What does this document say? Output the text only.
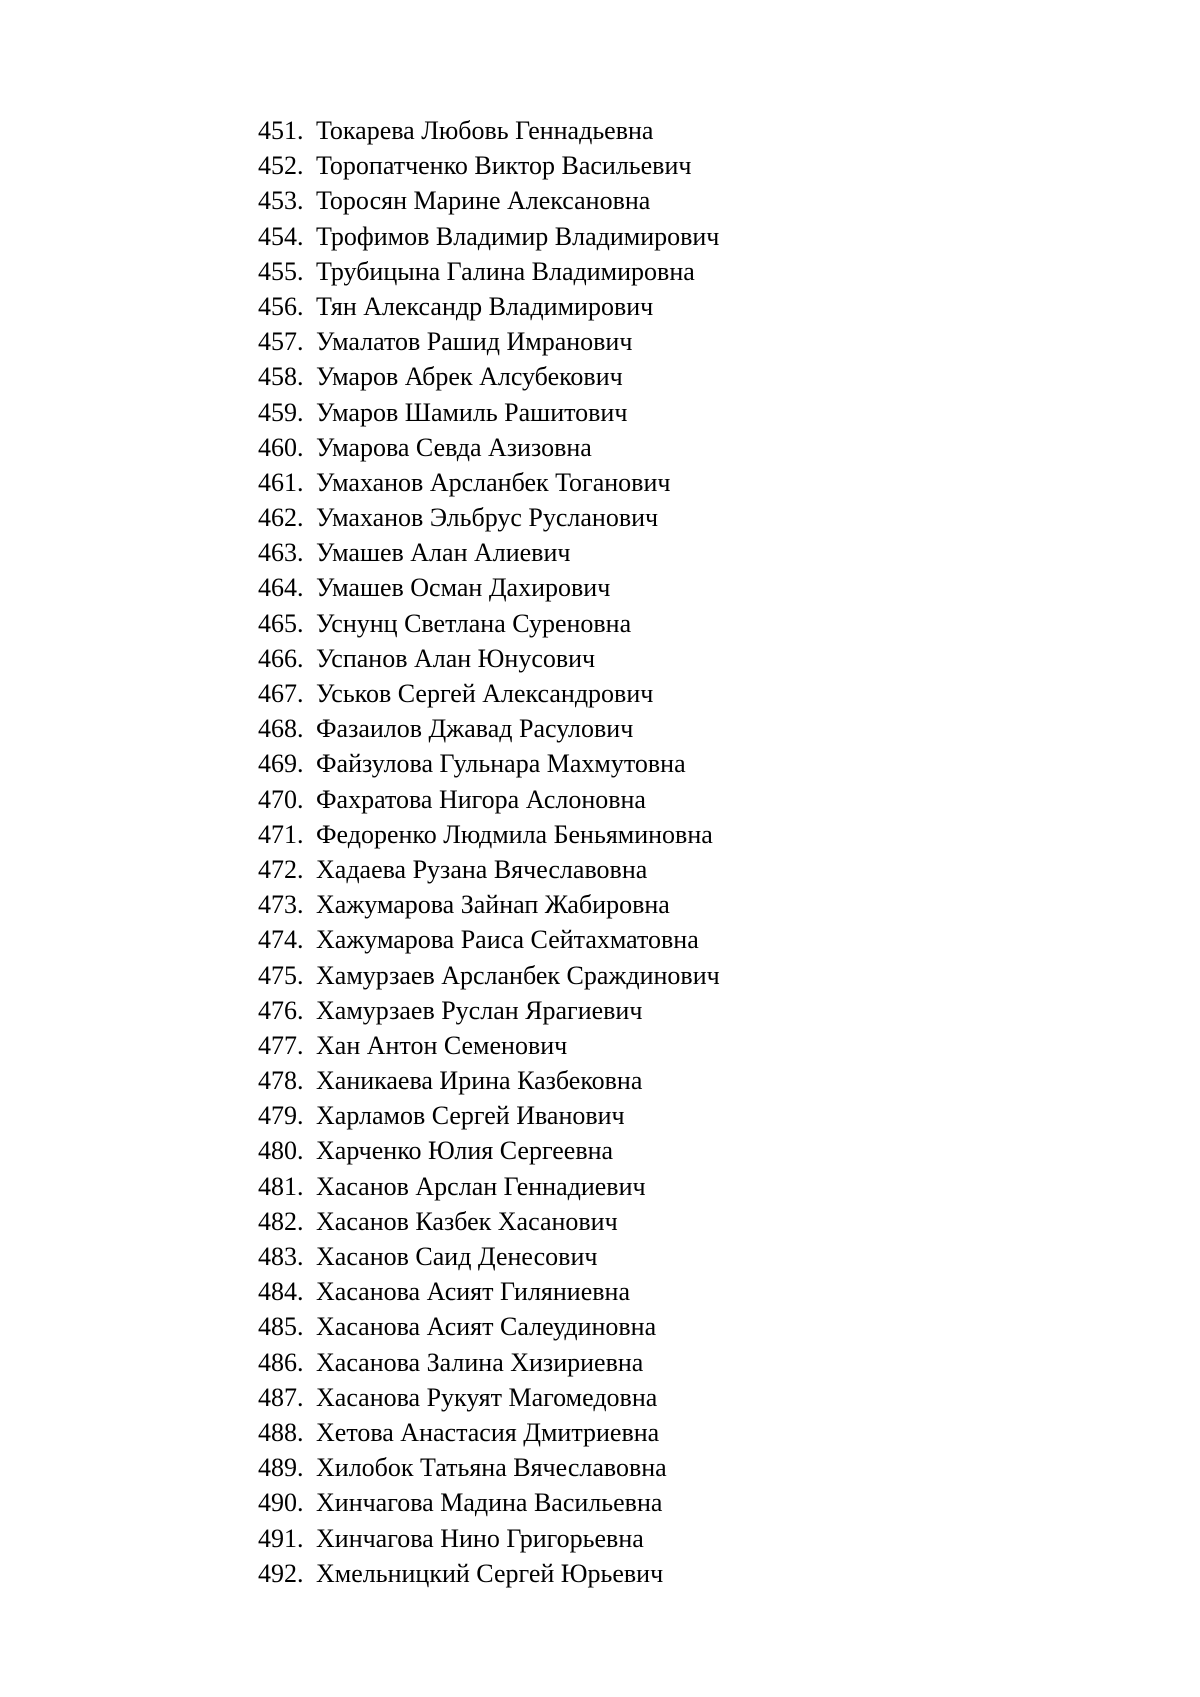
451. Токарева Любовь Геннадьевна
452. Торопатченко Виктор Васильевич
453. Торосян Марине Алексановна
454. Трофимов Владимир Владимирович
455. Трубицына Галина Владимировна
456. Тян Александр Владимирович
457. Умалатов Рашид Имранович
458. Умаров Абрек Алсубекович
459. Умаров Шамиль Рашитович
460. Умарова Севда Азизовна
461. Умаханов Арсланбек Тоганович
462. Умаханов Эльбрус Русланович
463. Умашев Алан Алиевич
464. Умашев Осман Дахирович
465. Уснунц Светлана Суреновна
466. Успанов Алан Юнусович
467. Уськов Сергей Александрович
468. Фазаилов Джавад Расулович
469. Файзулова Гульнара Махмутовна
470. Фахратова Нигора Аслоновна
471. Федоренко Людмила Беньяминовна
472. Хадаева Рузана Вячеславовна
473. Хажумарова Зайнап Жабировна
474. Хажумарова Раиса Сейтахматовна
475. Хамурзаев Арсланбек Сраждинович
476. Хамурзаев Руслан Ярагиевич
477. Хан Антон Семенович
478. Ханикаева Ирина Казбековна
479. Харламов Сергей Иванович
480. Харченко Юлия Сергеевна
481. Хасанов Арслан Геннадиевич
482. Хасанов Казбек Хасанович
483. Хасанов Саид Денесович
484. Хасанова Асият Гиляниевна
485. Хасанова Асият Салеудиновна
486. Хасанова Залина Хизириевна
487. Хасанова Рукуят Магомедовна
488. Хетова Анастасия Дмитриевна
489. Хилобок Татьяна Вячеславовна
490. Хинчагова Мадина Васильевна
491. Хинчагова Нино Григорьевна
492. Хмельницкий Сергей Юрьевич
